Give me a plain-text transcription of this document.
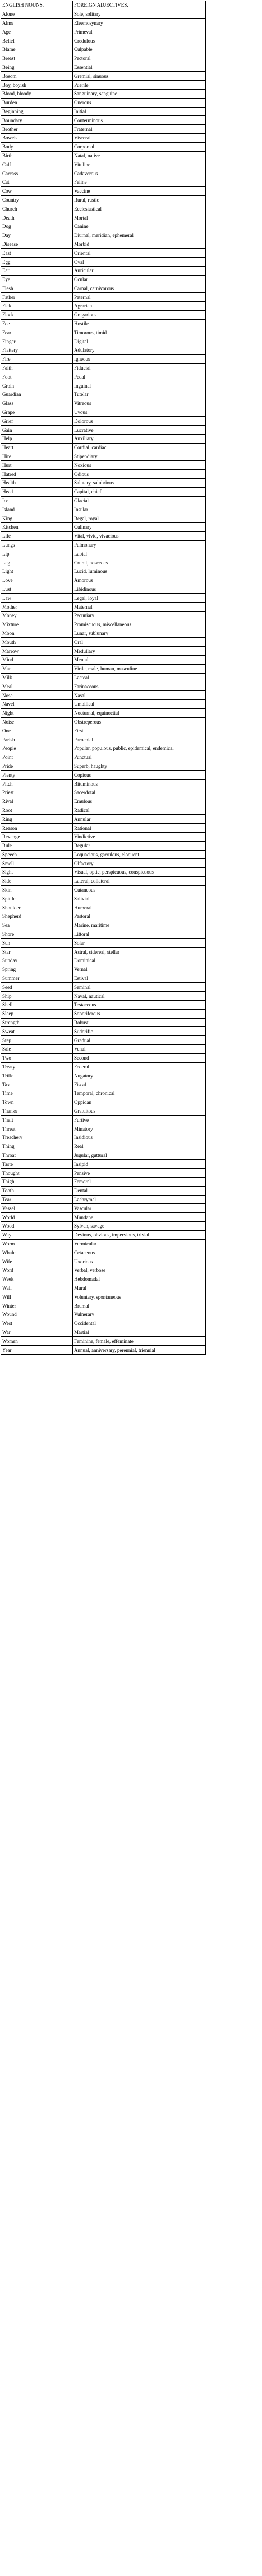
ENGLISH NOUNS.	FOREIGN ADJECTIVES.
Alone	Sole, solitary
Alms	Eleemosynary
Age	Primeval
Belief	Credulous
Blame	Culpable
Breast	Pectoral
Being	Essential
Bosom	Gremial, sinuous
Boy, boyish	Puerile
Blood, bloody	Sanguinary, sanguine
Burden	Onerous
Beginning	Initial
Boundary	Conterminous
Brother	Fraternal
Bowels	Visceral
Body	Corporeal
Birth	Natal, native
Calf	Vituline
Carcass	Cadaverous
Cat	Feline
Cow	Vaccine
Country	Rural, rustic
Church	Ecclesiastical
Death	Mortal
Dog	Canine
Day	Diurnal, meridian, ephemeral
Disease	Morbid
East	Oriental
Egg	Oval
Ear	Auricular
Eye	Ocular
Flesh	Carnal, carnivorous
Father	Paternal
Field	Agrarian
Flock	Gregarious
Foe	Hostile
Fear	Timorous, timid
Finger	Digital
Flattery	Adulatory
Fire	Igneous
Faith	Fiducial
Foot	Pedal
Groin	Inguinal
Guardian	Tutelar
Glass	Vitreous
Grape	Uvous
Grief	Dolorous
Gain	Lucrative
Help	Auxiliary
Heart	Cordial, cardiac
Hire	Stipendiary
Hurt	Noxious
Hatred	Odious
Health	Salutary, salubrious
Head	Capital, chief
Ice	Glacial
Island	Insular
King	Regal, royal
Kitchen	Culinary
Life	Vital, vivid, vivacious
Lungs	Pulmonary
Lip	Labial
Leg	Crural, noscedes
Light	Lucid, luminous
Love	Amorous
Lust	Libidinous
Law	Legal, loyal
Mother	Maternal
Money	Pecuniary
Mixture	Promiscuous, miscellaneous
Moon	Lunar, sublunary
Mouth	Oral
Marrow	Medullary
Mind	Mental
Man	Virile, male, human, masculine
Milk	Lacteal
Meal	Farinaceous
Nose	Nasal
Navel	Umbilical
Night	Nocturnal, equinoctial
Noise	Obstreperous
One	First
Parish	Parochial
People	Popular, populous, public, epidemical, endemical
Point	Punctual
Pride	Superb, haughty
Plenty	Copious
Pitch	Bituminous
Priest	Sacerdotal
Rival	Emulous
Root	Radical
Ring	Annular
Reason	Rational
Revenge	Vindictive
Rule	Regular
Speech	Loquacious, garrulous, eloquent.
Smell	Olfactory
Sight	Visual, optic, perspicuous, conspicuous
Side	Lateral, collateral
Skin	Cutaneous
Spittle	Salivial
Shoulder	Humeral
Shepherd	Pastoral
Sea	Marine, maritime
Shore	Littoral
Sun	Solar
Star	Astral, sidereal, stellar
Sunday	Dominical
Spring	Vernal
Summer	Estival
Seed	Seminal
Ship	Naval, nautical
Shell	Testaceous
Sleep	Soporiferous
Strength	Robust
Sweat	Sudorific
Step	Gradual
Sale	Venal
Two	Second
Treaty	Federal
Trifle	Nugatory
Tax	Fiscal
Time	Temporal, chronical
Town	Oppidan
Thanks	Gratuitous
Theft	Furtive
Threat	Minatory
Treachery	Insidious
Thing	Real
Throat	Jugular, guttural
Taste	Insipid
Thought	Pensive
Thigh	Femoral
Tooth	Dental
Tear	Lachrymal
Vessel	Vascular
World	Mundane
Wood	Sylvan, savage
Way	Devious, obvious, impervious, trivial
Worm	Vermicular
Whale	Cetaceous
Wife	Uxorious
Word	Verbal, verbose
Week	Hebdomadal
Wall	Mural
Will	Voluntary, spontaneous
Winter	Brumal
Wound	Vulnerary
West	Occidental
War	Martial
Women	Feminine, female, effeminate
Year	Annual, anniversary, perennial, triennial
